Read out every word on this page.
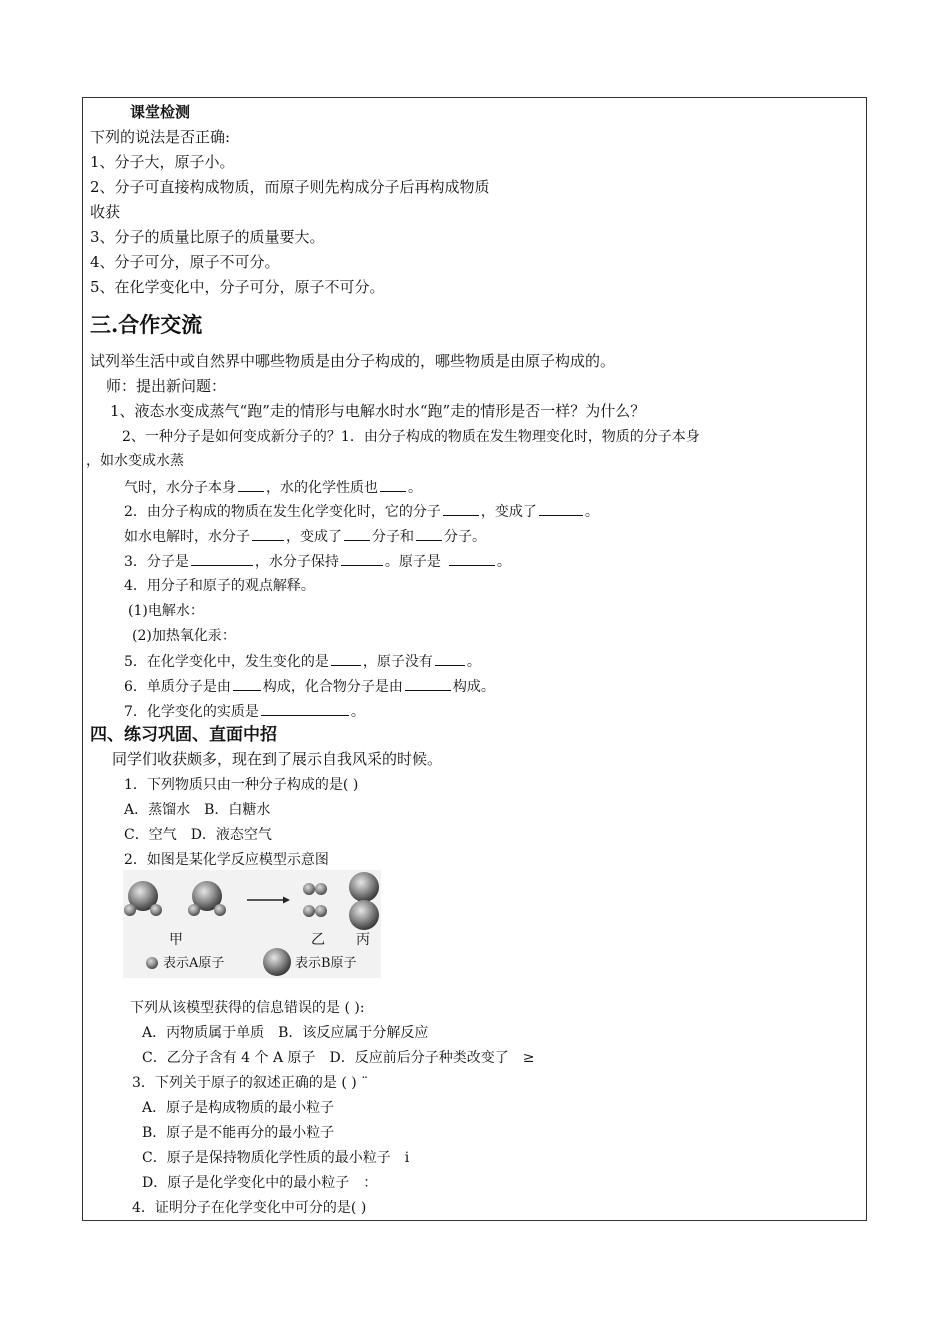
课堂检测
下列的说法是否正确:
1、分子大，原子小。
2、分子可直接构成物质，而原子则先构成分子后再构成物质
收获
3、分子的质量比原子的质量要大。
4、分子可分，原子不可分。
5、在化学变化中，分子可分，原子不可分。
三.合作交流
试列举生活中或自然界中哪些物质是由分子构成的，哪些物质是由原子构成的。
师：提出新问题：
1、液态水变成蒸气“跑”走的情形与电解水时水“跑”走的情形是否一样？为什么？
2、一种分子是如何变成新分子的？1．由分子构成的物质在发生物理变化时，物质的分子本身
，如水变成水蒸
气时，水分子本身 ，水的化学性质也 。
2．由分子构成的物质在发生化学变化时，它的分子	，变成了	。
如水电解时，水分子	，变成了 分子和 分子。
3．分子是	，水分子保持	。原子是	。
4．用分子和原子的观点解释。
(1)电解水：
(2)加热氧化汞：
5．在化学变化中，发生变化的是 ，原子没有 。
6．单质分子是由 构成，化合物分子是由	构成。
7．化学变化的实质是	。
四、练习巩固、直面中招
同学们收获颇多，现在到了展示自我风采的时候。
1．下列物质只由一种分子构成的是( )
A．蒸馏水　B．白糖水
C．空气　D．液态空气
2．如图是某化学反应模型示意图
甲	乙 丙
表示A原子	表示B原子
下列从该模型获得的信息错误的是 ( ):
A．丙物质属于单质　B．该反应属于分解反应
C．乙分子含有 4 个 A 原子　D．反应前后分子种类改变了　≥
3．下列关于原子的叙述正确的是 ( ) ¨
A．原子是构成物质的最小粒子
B．原子是不能再分的最小粒子
C．原子是保持物质化学性质的最小粒子　i
D．原子是化学变化中的最小粒子　：
4．证明分子在化学变化中可分的是( )
